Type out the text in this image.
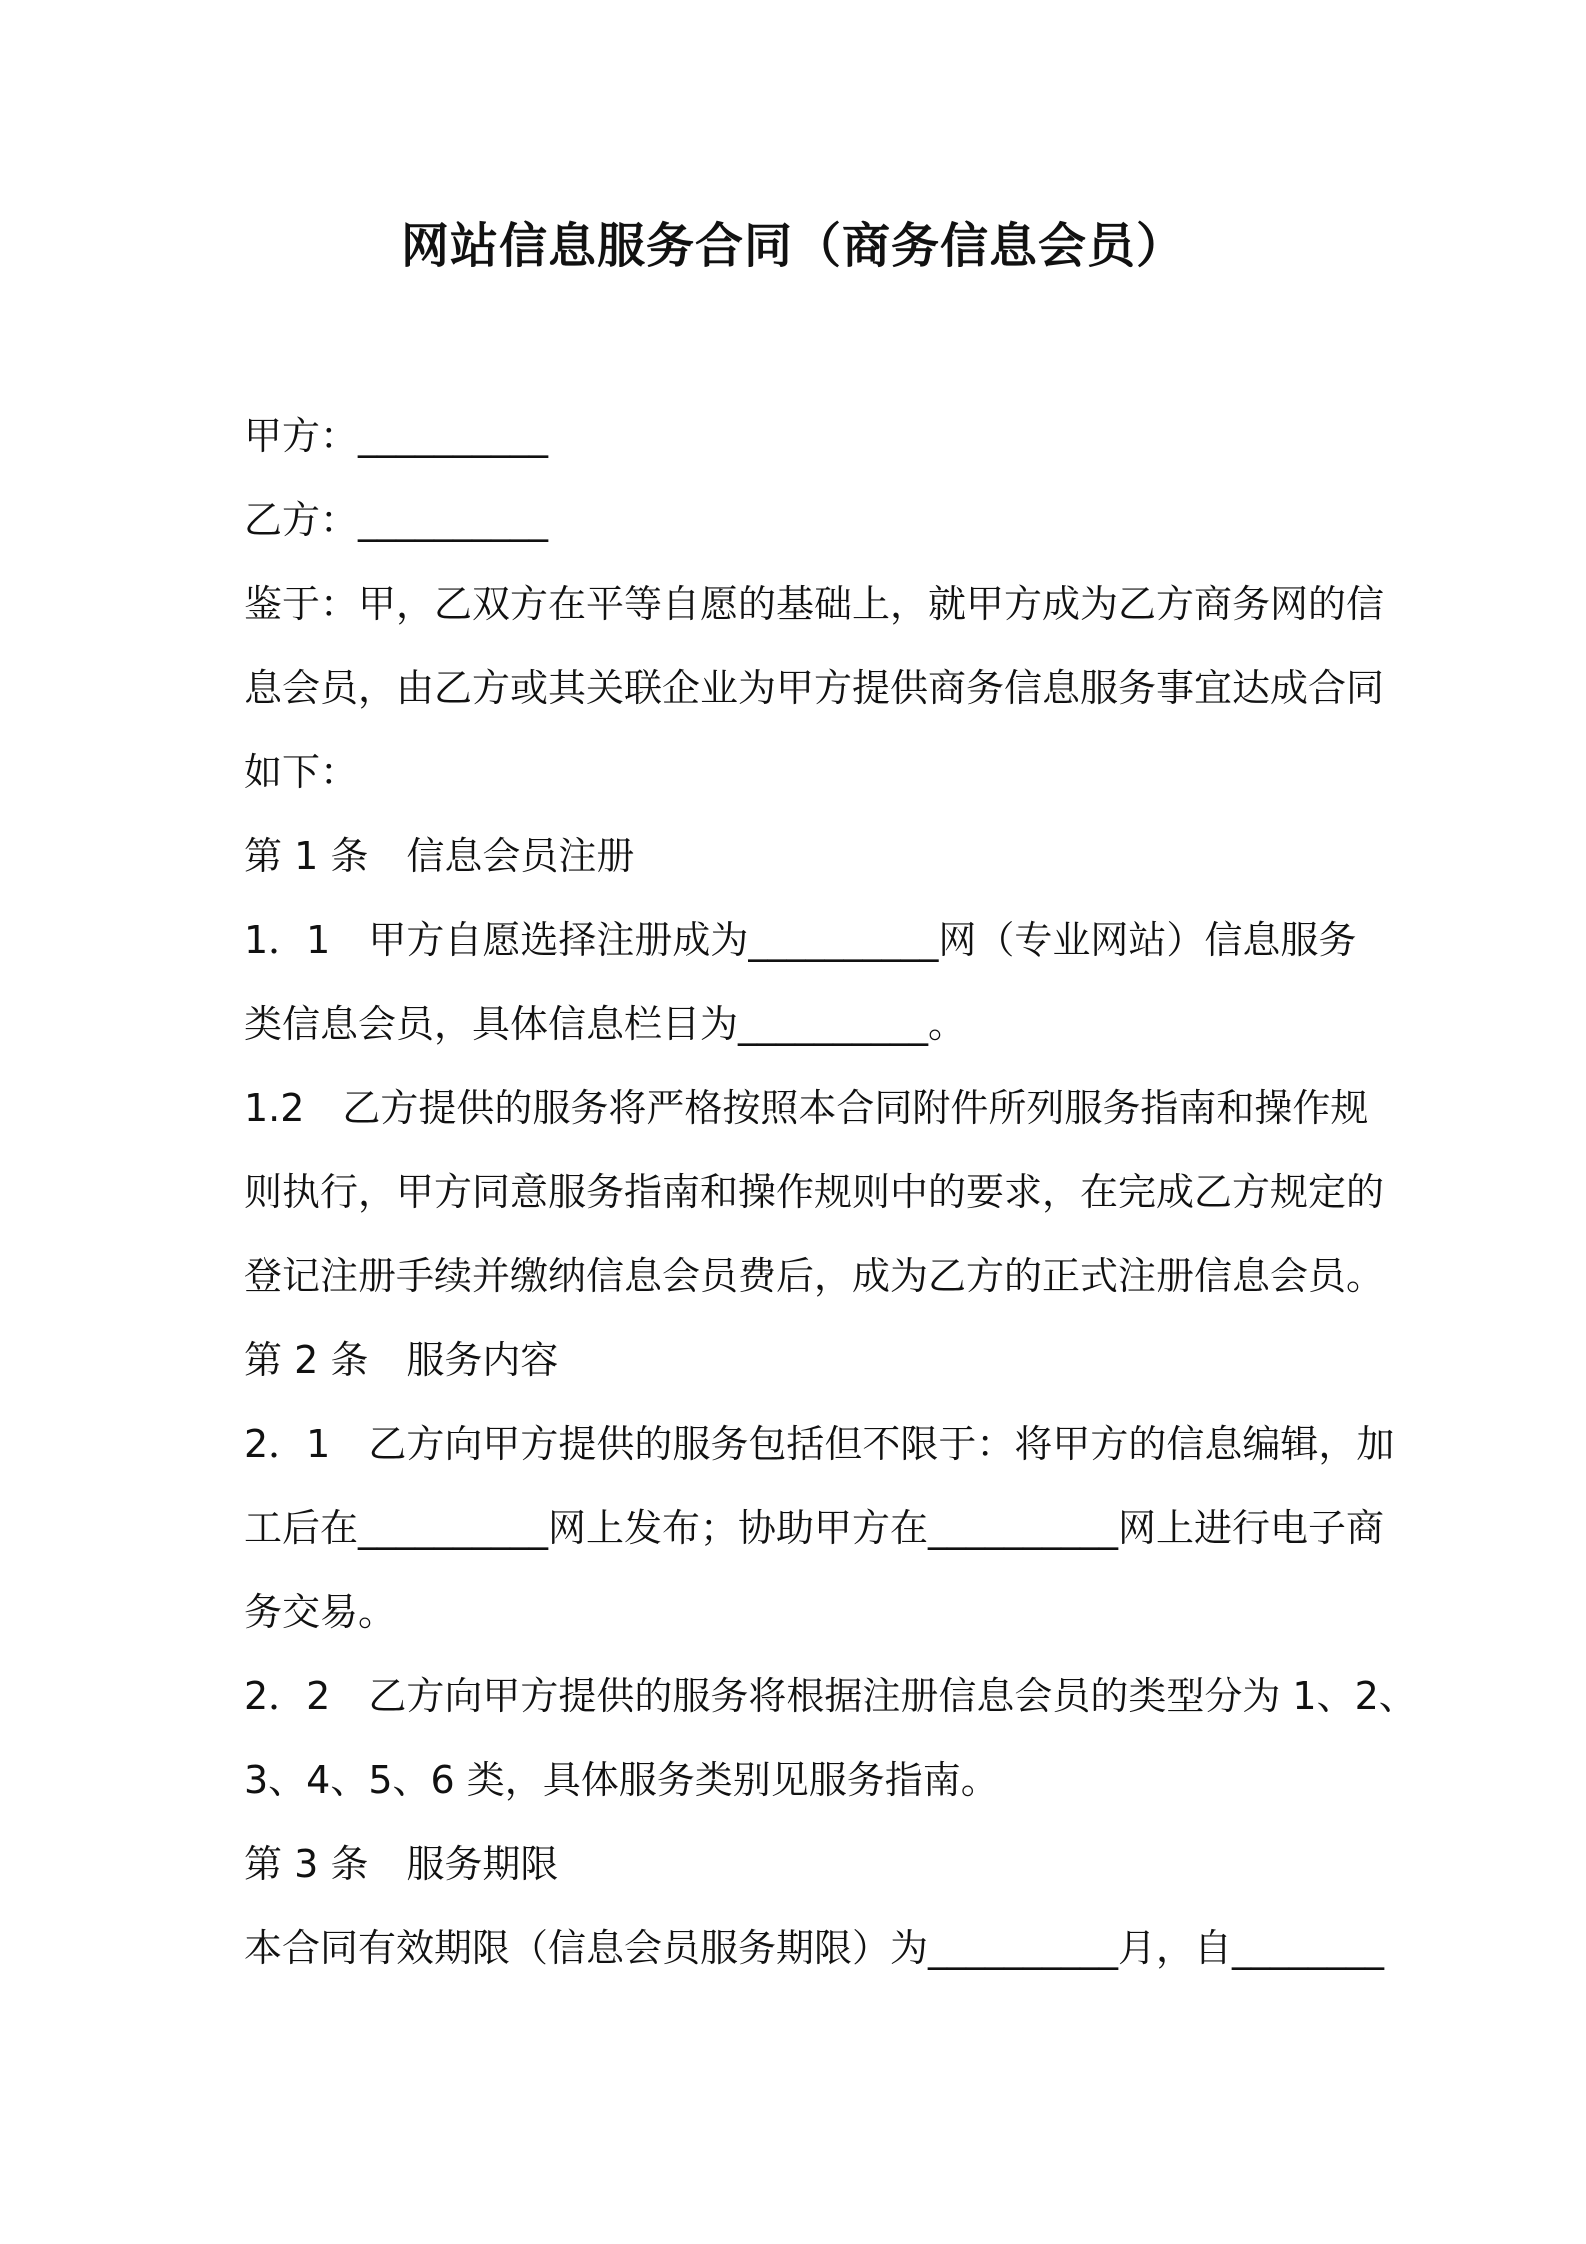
网站信息服务合同（商务信息会员）
甲方：__________
乙方：__________
鉴于：甲，乙双方在平等自愿的基础上，就甲方成为乙方商务网的信
息会员，由乙方或其关联企业为甲方提供商务信息服务事宜达成合同
如下：
第 1 条　信息会员注册
1．1　甲方自愿选择注册成为__________网（专业网站）信息服务
类信息会员，具体信息栏目为__________。
1.2　乙方提供的服务将严格按照本合同附件所列服务指南和操作规
则执行，甲方同意服务指南和操作规则中的要求，在完成乙方规定的
登记注册手续并缴纳信息会员费后，成为乙方的正式注册信息会员。
第 2 条　服务内容
2．1　乙方向甲方提供的服务包括但不限于：将甲方的信息编辑，加
工后在__________网上发布；协助甲方在__________网上进行电子商
务交易。
2．2　乙方向甲方提供的服务将根据注册信息会员的类型分为 1、2、
3、4、5、6 类，具体服务类别见服务指南。
第 3 条　服务期限
本合同有效期限（信息会员服务期限）为__________月，自________
